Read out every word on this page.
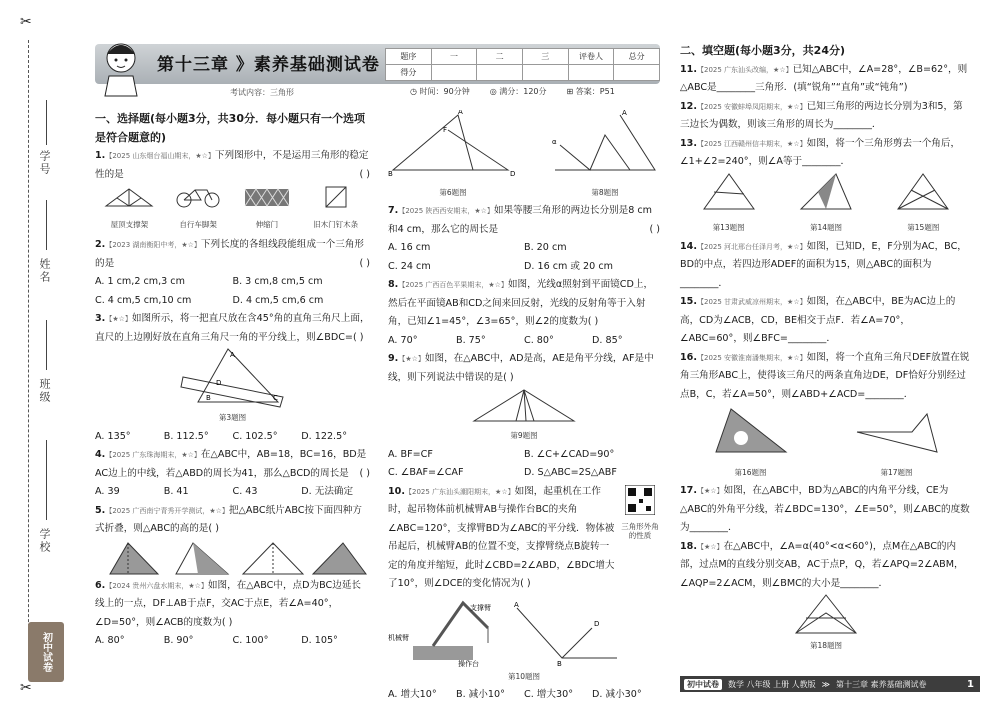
✂
学号
姓名
班级
学校
初中试卷
✂
第十三章 》素养基础测试卷
考试内容：三角形
题序	一	二	三	评卷人	总分
得分					
◷ 时间：90分钟	◎ 满分：120分	⊞ 答案：P51
一、选择题(每小题3分，共30分．每小题只有一个选项是符合题意的)
1.【2025 山东烟台福山期末，★☆】下列图形中，不是运用三角形的稳定性的是	( )
屋顶支撑架	自行车脚架	伸缩门	旧木门钉木条
2.【2023 湖南衡阳中考，★☆】下列长度的各组线段能组成一个三角形的是	( )
A. 1 cm,2 cm,3 cm	B. 3 cm,8 cm,5 cm
C. 4 cm,5 cm,10 cm	D. 4 cm,5 cm,6 cm
3.【★☆】如图所示，将一把直尺放在含45°角的直角三角尺上面，直尺的上边刚好放在直角三角尺一角的平分线上，则∠BDC=( )
A
D
B	C
第3题图
A. 135°	B. 112.5°	C. 102.5°	D. 122.5°
4.【2025 广东珠海期末，★☆】在△ABC中，AB=18，BC=16，BD是AC边上的中线，若△ABD的周长为41，那么△BCD的周长是 ( )
A. 39	B. 41	C. 43	D. 无法确定
5.【2025 广西南宁青秀开学测试，★☆】把△ABC纸片ABC按下面四种方式折叠，则△ABC的高的是( )
6.【2024 贵州六盘水期末，★☆】如图，在△ABC中，点D为BC边延长线上的一点，DF⊥AB于点F，交AC于点E，若∠A=40°，∠D=50°，则∠ACB的度数为( )
A. 80°	B. 90°	C. 100°	D. 105°
A
F
B	D
第6题图
α
A
第8题图
7.【2025 陕西西安期末，★☆】如果等腰三角形的两边长分别是8 cm和4 cm，那么它的周长是	( )
A. 16 cm	B. 20 cm
C. 24 cm	D. 16 cm 或 20 cm
8.【2025 广西百色平果期末，★☆】如图，光线α照射到平面镜CD上，然后在平面镜AB和CD之间来回反射，光线的反射角等于入射角，已知∠1=45°，∠3=65°，则∠2的度数为( )
A. 70°	B. 75°	C. 80°	D. 85°
9.【★☆】如图，在△ABC中，AD是高，AE是角平分线，AF是中线，则下列说法中错误的是( )
第9题图
A. BF=CF	B. ∠C+∠CAD=90°
C. ∠BAF=∠CAF	D. S△ABC=2S△ABF
三角形外角的性质
10.【2025 广东汕头潮阳期末，★☆】如图，起重机在工作时，起吊物体前机械臂AB与操作台BC的夹角∠ABC=120°，支撑臂BD为∠ABC的平分线．物体被吊起后，机械臂AB的位置不变，支撑臂绕点B旋转一定的角度并缩短，此时∠CBD=2∠ABD，∠BDC增大了10°，则∠DCE的变化情况为( )
支撑臂
机械臂
操作台
A
B
D
第10题图
A. 增大10°	B. 减小10°	C. 增大30°	D. 减小30°
二、填空题(每小题3分，共24分)
11.【2025 广东汕头改编，★☆】已知△ABC中，∠A=28°，∠B=62°，则△ABC是________三角形．(填“锐角”“直角”或“钝角”)
12.【2025 安徽蚌埠凤阳期末，★☆】已知三角形的两边长分别为3和5，第三边长为偶数，则该三角形的周长为________．
13.【2025 江西赣州信丰期末，★☆】如图，将一个三角形剪去一个角后，∠1+∠2=240°，则∠A等于________．
第13题图	第14题图	第15题图
14.【2025 河北邢台任泽月考，★☆】如图，已知D，E，F分别为AC，BC，BD的中点，若四边形ADEF的面积为15，则△ABC的面积为________．
15.【2025 甘肃武威凉州期末，★☆】如图，在△ABC中，BE为AC边上的高，CD为∠ACB，CD，BE相交于点F．若∠A=70°，∠ABC=60°，则∠BFC=________．
16.【2025 安徽淮南潘集期末，★☆】如图，将一个直角三角尺DEF放置在锐角三角形ABC上，使得该三角尺的两条直角边DE，DF恰好分别经过点B，C，若∠A=50°，则∠ABD+∠ACD=________．
第16题图	第17题图
17.【★☆】如图，在△ABC中，BD为△ABC的内角平分线，CE为△ABC的外角平分线，若∠BDC=130°，∠E=50°，则∠ABC的度数为________．
18.【★☆】在△ABC中，∠A=α(40°<α<60°)，点M在△ABC的内部，过点M的直线分别交AB，AC于点P，Q，若∠APQ=2∠ABM，∠AQP=2∠ACM，则∠BMC的大小是________．
第18题图
初中试卷	数学 八年级 上册 人教版 ≫ 第十三章 素养基础测试卷	1
